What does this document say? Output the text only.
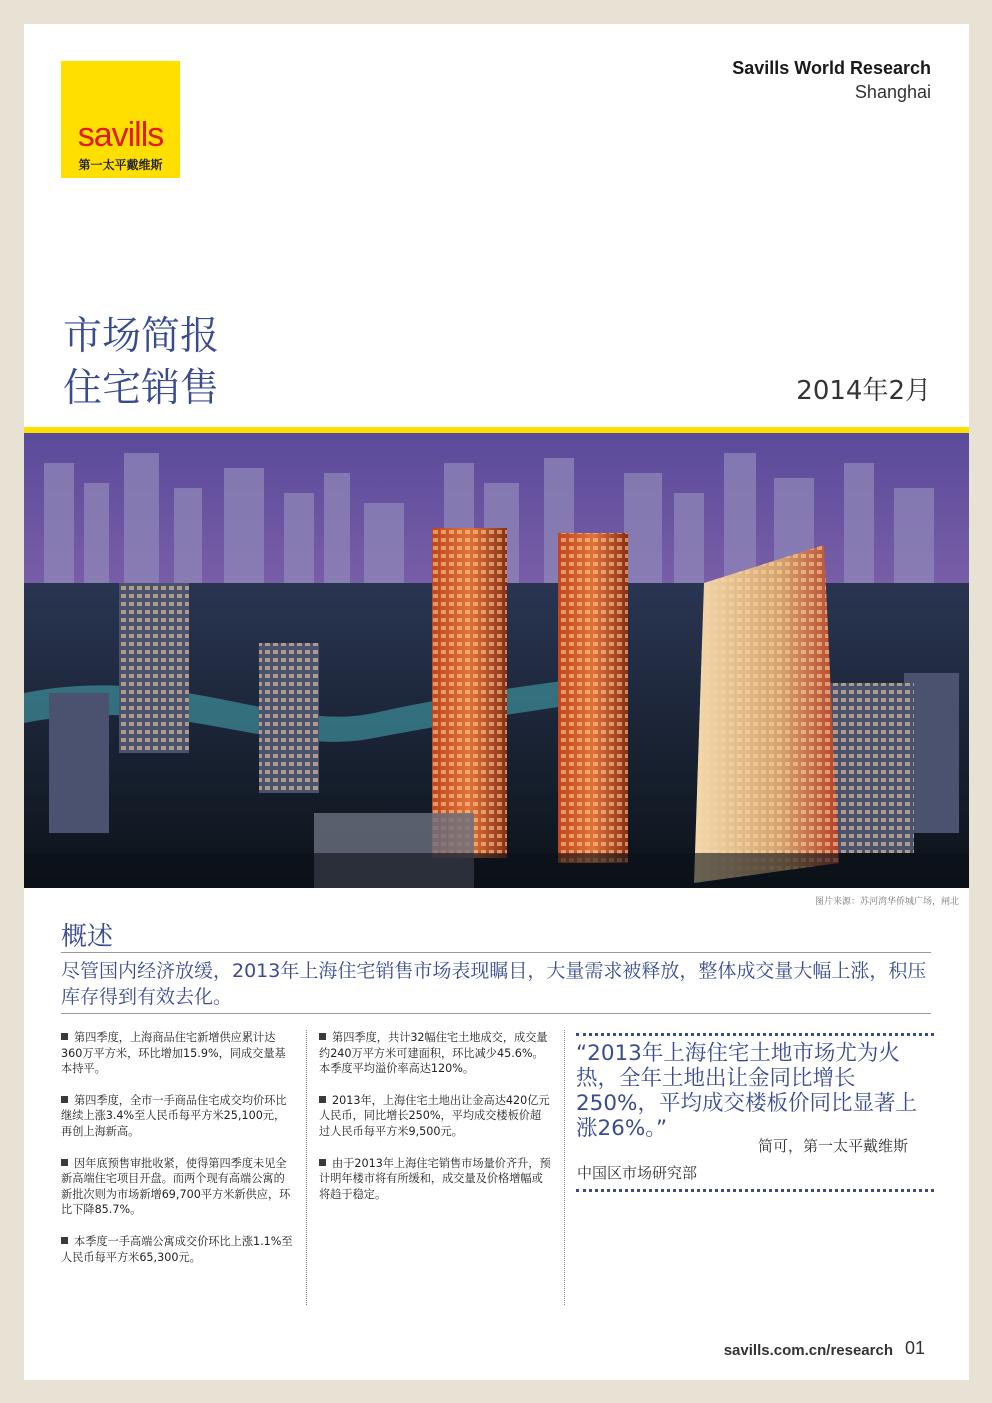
savills
第一太平戴维斯
Savills World Research
Shanghai
市场简报
住宅销售	2014年2月
图片来源：苏河湾华侨城广场，闸北
概述
尽管国内经济放缓，2013年上海住宅销售市场表现瞩目，大量需求被释放，整体成交量大幅上涨，积压库存得到有效去化。
第四季度，上海商品住宅新增供应累计达360万平方米，环比增加15.9%，同成交量基本持平。
第四季度，全市一手商品住宅成交均价环比继续上涨3.4%至人民币每平方米25,100元，再创上海新高。
因年底预售审批收紧，使得第四季度未见全新高端住宅项目开盘。而两个现有高端公寓的新批次则为市场新增69,700平方米新供应，环比下降85.7%。
本季度一手高端公寓成交价环比上涨1.1%至人民币每平方米65,300元。
第四季度，共计32幅住宅土地成交，成交量约240万平方米可建面积，环比减少45.6%。本季度平均溢价率高达120%。
2013年，上海住宅土地出让金高达420亿元人民币，同比增长250%，平均成交楼板价超过人民币每平方米9,500元。
由于2013年上海住宅销售市场量价齐升，预计明年楼市将有所缓和，成交量及价格增幅或将趋于稳定。
“2013年上海住宅土地市场尤为火热，全年土地出让金同比增长250%，平均成交楼板价同比显著上涨26%。”
简可，第一太平戴维斯
中国区市场研究部
savills.com.cn/research 01
